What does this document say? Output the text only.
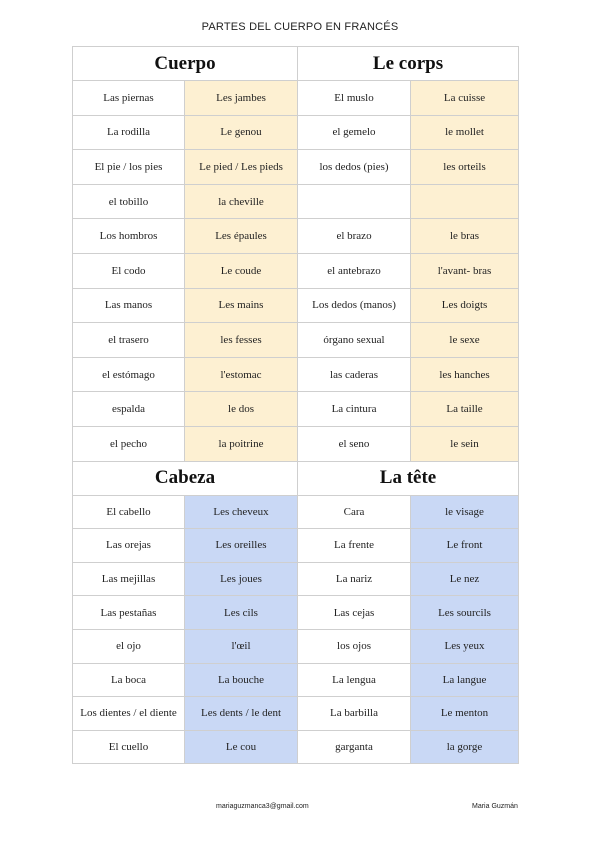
PARTES DEL CUERPO EN FRANCÉS
Cuerpo		Le corps	
Las piernas	Les jambes	El muslo	La cuisse
La rodilla	Le genou	el gemelo	le mollet
El pie / los pies	Le pied / Les pieds	los dedos (pies)	les orteils
el tobillo	la cheville		
Los hombros	Les épaules	el brazo	le bras
El codo	Le coude	el antebrazo	l'avant- bras
Las manos	Les mains	Los dedos (manos)	Les doigts
el trasero	les fesses	órgano sexual	le sexe
el estómago	l'estomac	las caderas	les hanches
espalda	le dos	La cintura	La taille
el pecho	la poitrine	el seno	le sein
Cabeza		La tête	
El cabello	Les cheveux	Cara	le visage
Las orejas	Les oreilles	La frente	Le front
Las mejillas	Les joues	La nariz	Le nez
Las pestañas	Les cils	Las cejas	Les sourcils
el ojo	l'œil	los ojos	Les yeux
La boca	La bouche	La lengua	La langue
Los dientes / el diente	Les dents / le dent	La barbilla	Le menton
El cuello	Le cou	garganta	la gorge
mariaguzmanca3@gmail.com	Maria Guzmán
